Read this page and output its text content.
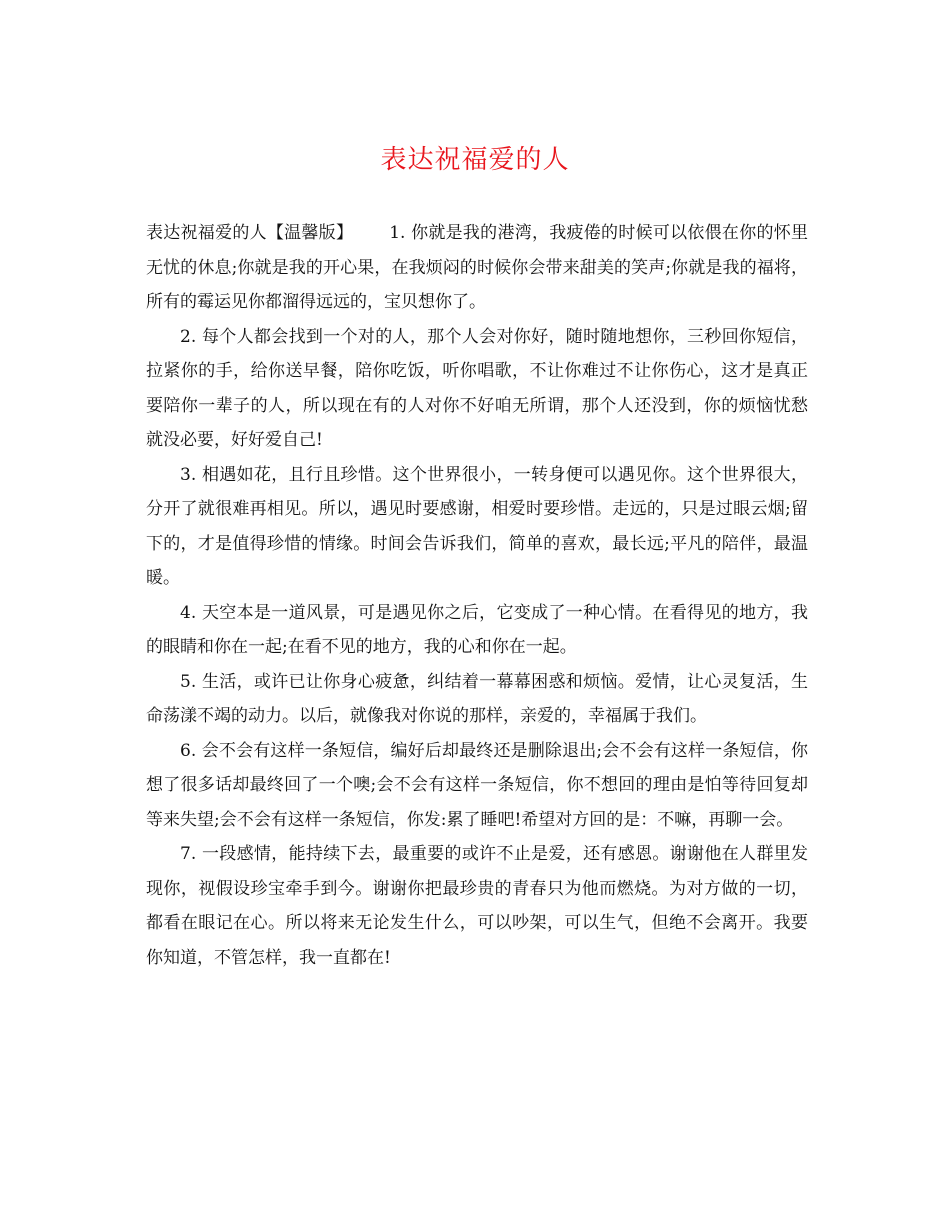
表达祝福爱的人

表达祝福爱的人【温馨版】 1. 你就是我的港湾，我疲倦的时候可以依偎在你的怀里无忧的休息;你就是我的开心果，在我烦闷的时候你会带来甜美的笑声;你就是我的福将，所有的霉运见你都溜得远远的，宝贝想你了。

2. 每个人都会找到一个对的人，那个人会对你好，随时随地想你，三秒回你短信，拉紧你的手，给你送早餐，陪你吃饭，听你唱歌，不让你难过不让你伤心，这才是真正要陪你一辈子的人，所以现在有的人对你不好咱无所谓，那个人还没到，你的烦恼忧愁就没必要，好好爱自己!

3. 相遇如花，且行且珍惜。这个世界很小，一转身便可以遇见你。这个世界很大，分开了就很难再相见。所以，遇见时要感谢，相爱时要珍惜。走远的，只是过眼云烟;留下的，才是值得珍惜的情缘。时间会告诉我们，简单的喜欢，最长远;平凡的陪伴，最温暖。

4. 天空本是一道风景，可是遇见你之后，它变成了一种心情。在看得见的地方，我的眼睛和你在一起;在看不见的地方，我的心和你在一起。

5. 生活，或许已让你身心疲惫，纠结着一幕幕困惑和烦恼。爱情，让心灵复活，生命荡漾不竭的动力。以后，就像我对你说的那样，亲爱的，幸福属于我们。

6. 会不会有这样一条短信，编好后却最终还是删除退出;会不会有这样一条短信，你想了很多话却最终回了一个噢;会不会有这样一条短信，你不想回的理由是怕等待回复却等来失望;会不会有这样一条短信，你发:累了睡吧!希望对方回的是：不嘛，再聊一会。

7. 一段感情，能持续下去，最重要的或许不止是爱，还有感恩。谢谢他在人群里发现你，视假设珍宝牵手到今。谢谢你把最珍贵的青春只为他而燃烧。为对方做的一切，都看在眼记在心。所以将来无论发生什么，可以吵架，可以生气，但绝不会离开。我要你知道，不管怎样，我一直都在!
